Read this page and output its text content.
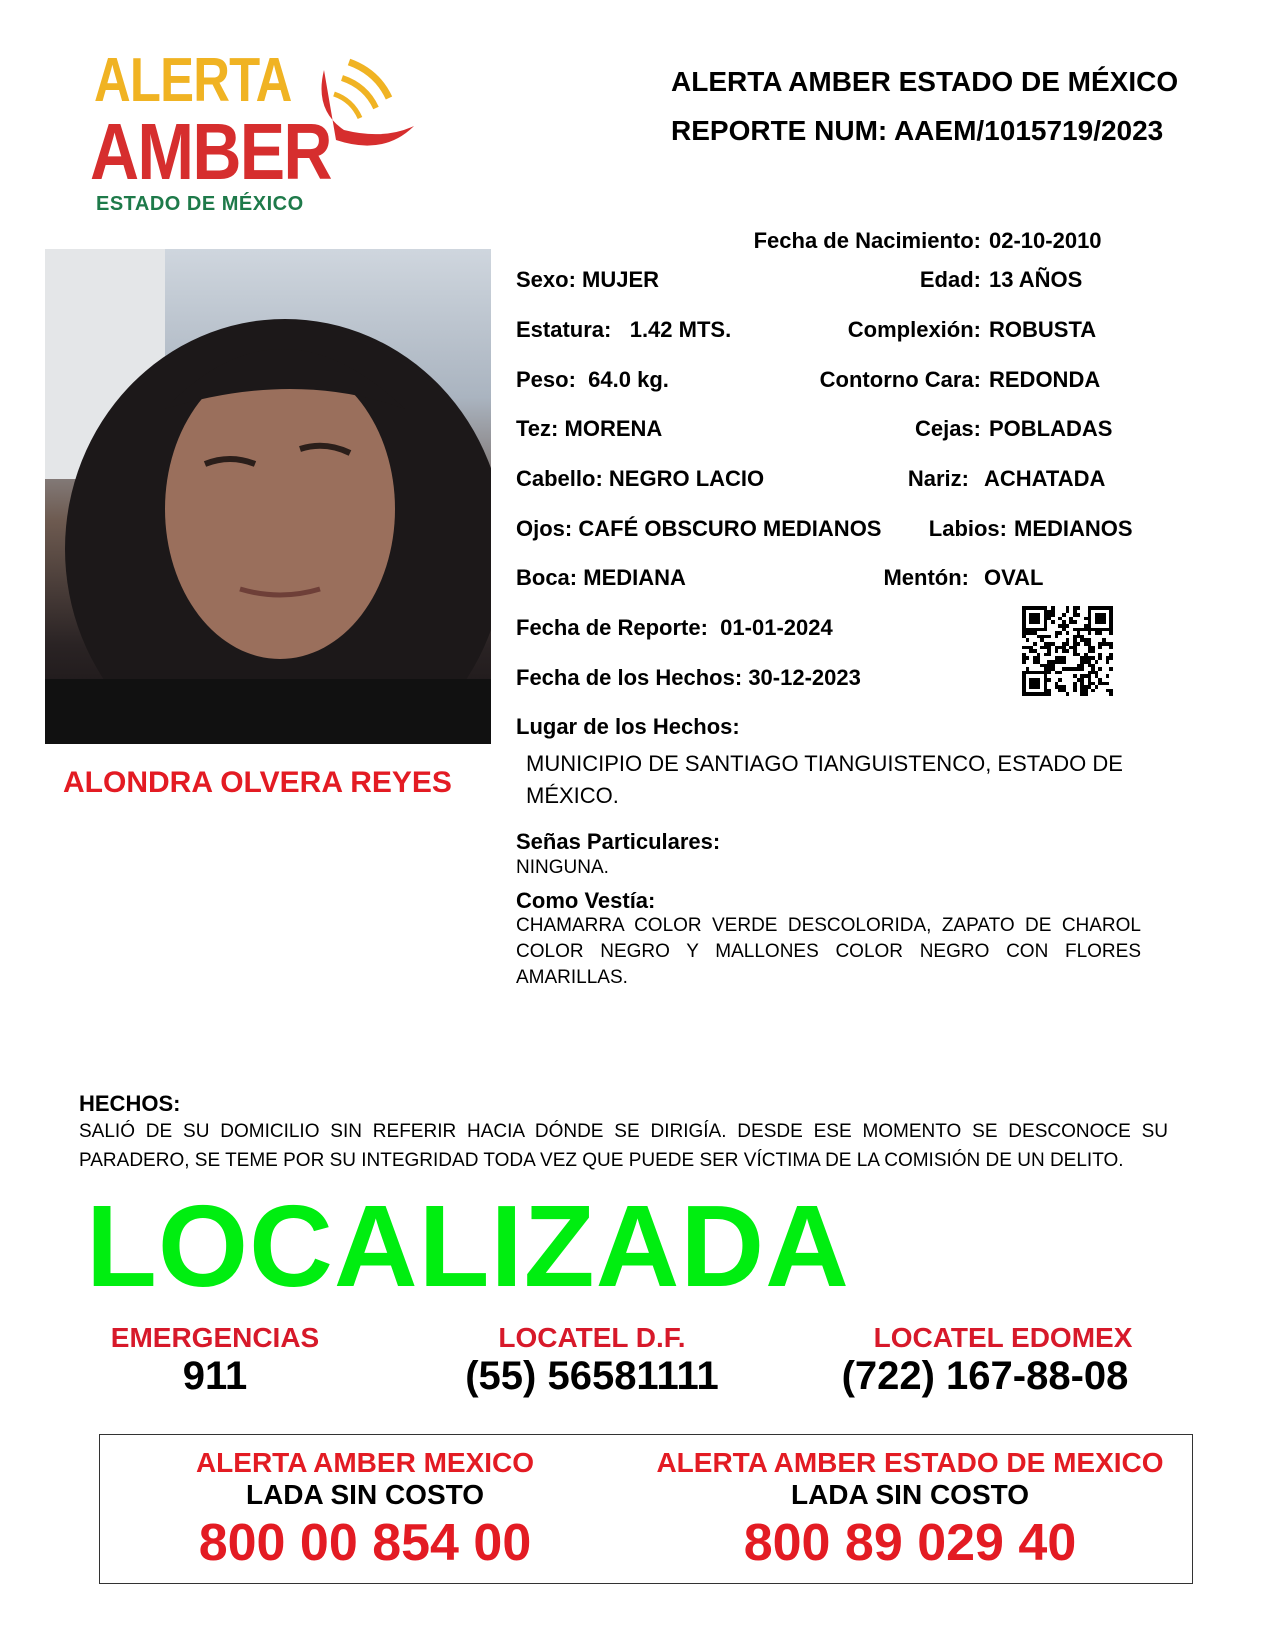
ALERTA
AMBER
ESTADO DE MÉXICO
ALERTA AMBER ESTADO DE MÉXICO
REPORTE NUM: AAEM/1015719/2023
ALONDRA OLVERA REYES
Fecha de Nacimiento: 02-10-2010
Sexo: MUJER	Edad: 13 AÑOS
Estatura: 1.42 MTS.	Complexión: ROBUSTA
Peso: 64.0 kg.	Contorno Cara: REDONDA
Tez: MORENA	Cejas: POBLADAS
Cabello: NEGRO LACIO	Nariz: ACHATADA
Ojos: CAFÉ OBSCURO MEDIANOS Labios: MEDIANOS
Boca: MEDIANA	Mentón: OVAL
Fecha de Reporte: 01-01-2024
Fecha de los Hechos: 30-12-2023
Lugar de los Hechos:
MUNICIPIO DE SANTIAGO TIANGUISTENCO, ESTADO DE MÉXICO.
Señas Particulares:
NINGUNA.
Como Vestía:
CHAMARRA COLOR VERDE DESCOLORIDA, ZAPATO DE CHAROL COLOR NEGRO Y MALLONES COLOR NEGRO CON FLORES AMARILLAS.
HECHOS:
SALIÓ DE SU DOMICILIO SIN REFERIR HACIA DÓNDE SE DIRIGÍA. DESDE ESE MOMENTO SE DESCONOCE SU PARADERO, SE TEME POR SU INTEGRIDAD TODA VEZ QUE PUEDE SER VÍCTIMA DE LA COMISIÓN DE UN DELITO.
LOCALIZADA
EMERGENCIAS
911
LOCATEL D.F.
(55) 56581111
LOCATEL EDOMEX
(722) 167-88-08
ALERTA AMBER MEXICO
LADA SIN COSTO
800 00 854 00
ALERTA AMBER ESTADO DE MEXICO
LADA SIN COSTO
800 89 029 40
